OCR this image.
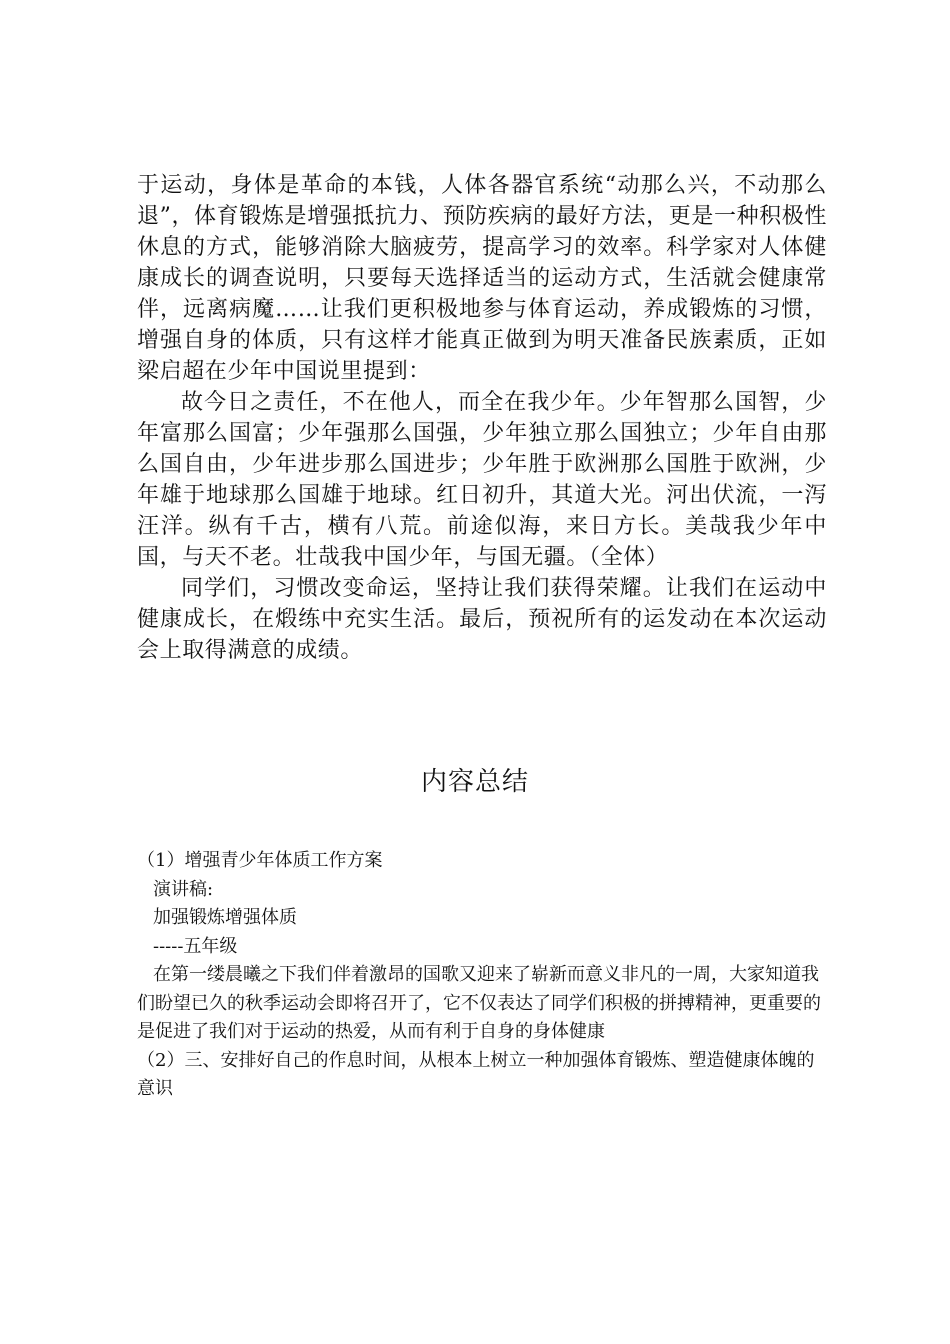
于运动，身体是革命的本钱，人体各器官系统“动那么兴，不动那么退”，体育锻炼是增强抵抗力、预防疾病的最好方法，更是一种积极性休息的方式，能够消除大脑疲劳，提高学习的效率。科学家对人体健康成长的调查说明，只要每天选择适当的运动方式，生活就会健康常伴，远离病魔……让我们更积极地参与体育运动，养成锻炼的习惯，增强自身的体质，只有这样才能真正做到为明天准备民族素质，正如梁启超在少年中国说里提到：

故今日之责任，不在他人，而全在我少年。少年智那么国智，少年富那么国富；少年强那么国强，少年独立那么国独立；少年自由那么国自由，少年进步那么国进步；少年胜于欧洲那么国胜于欧洲，少年雄于地球那么国雄于地球。红日初升，其道大光。河出伏流，一泻汪洋。纵有千古，横有八荒。前途似海，来日方长。美哉我少年中国，与天不老。壮哉我中国少年，与国无疆。（全体）

同学们，习惯改变命运，坚持让我们获得荣耀。让我们在运动中健康成长，在煅练中充实生活。最后，预祝所有的运发动在本次运动会上取得满意的成绩。

内容总结

（1）增强青少年体质工作方案

演讲稿:

加强锻炼增强体质

-----五年级

在第一缕晨曦之下我们伴着激昂的国歌又迎来了崭新而意义非凡的一周，大家知道我们盼望已久的秋季运动会即将召开了，它不仅表达了同学们积极的拼搏精神，更重要的是促进了我们对于运动的热爱，从而有利于自身的身体健康

（2）三、安排好自己的作息时间，从根本上树立一种加强体育锻炼、塑造健康体魄的意识
